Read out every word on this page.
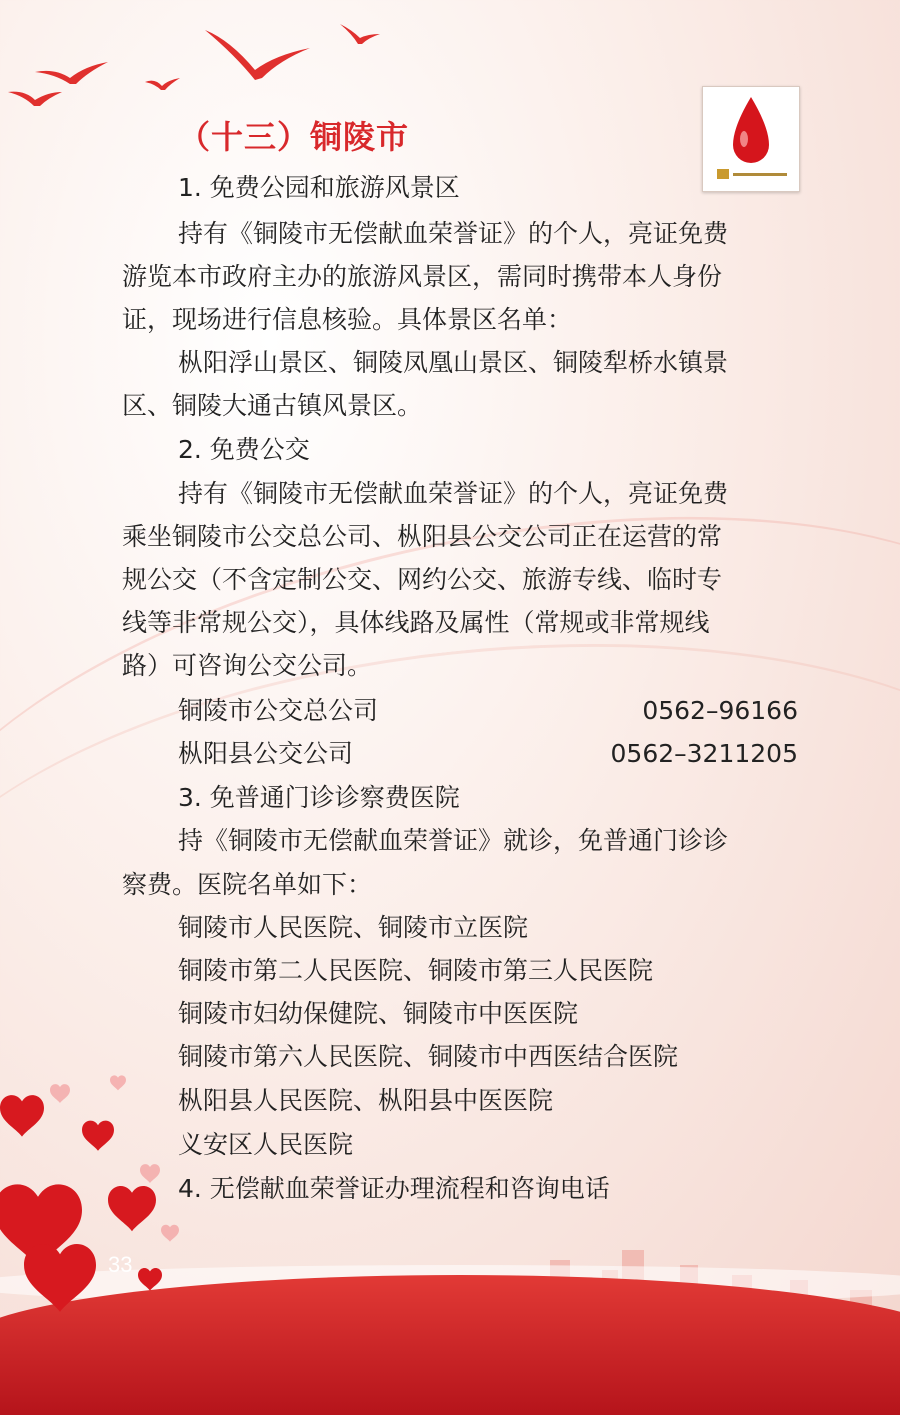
（十三）铜陵市
1. 免费公园和旅游风景区
持有《铜陵市无偿献血荣誉证》的个人，亮证免费
游览本市政府主办的旅游风景区，需同时携带本人身份
证，现场进行信息核验。具体景区名单：
枞阳浮山景区、铜陵凤凰山景区、铜陵犁桥水镇景
区、铜陵大通古镇风景区。
2. 免费公交
持有《铜陵市无偿献血荣誉证》的个人，亮证免费
乘坐铜陵市公交总公司、枞阳县公交公司正在运营的常
规公交（不含定制公交、网约公交、旅游专线、临时专
线等非常规公交），具体线路及属性（常规或非常规线
路）可咨询公交公司。
铜陵市公交总公司	0562–96166
枞阳县公交公司	0562–3211205
3. 免普通门诊诊察费医院
持《铜陵市无偿献血荣誉证》就诊，免普通门诊诊
察费。医院名单如下：
铜陵市人民医院、铜陵市立医院
铜陵市第二人民医院、铜陵市第三人民医院
铜陵市妇幼保健院、铜陵市中医医院
铜陵市第六人民医院、铜陵市中西医结合医院
枞阳县人民医院、枞阳县中医医院
义安区人民医院
4. 无偿献血荣誉证办理流程和咨询电话
33
